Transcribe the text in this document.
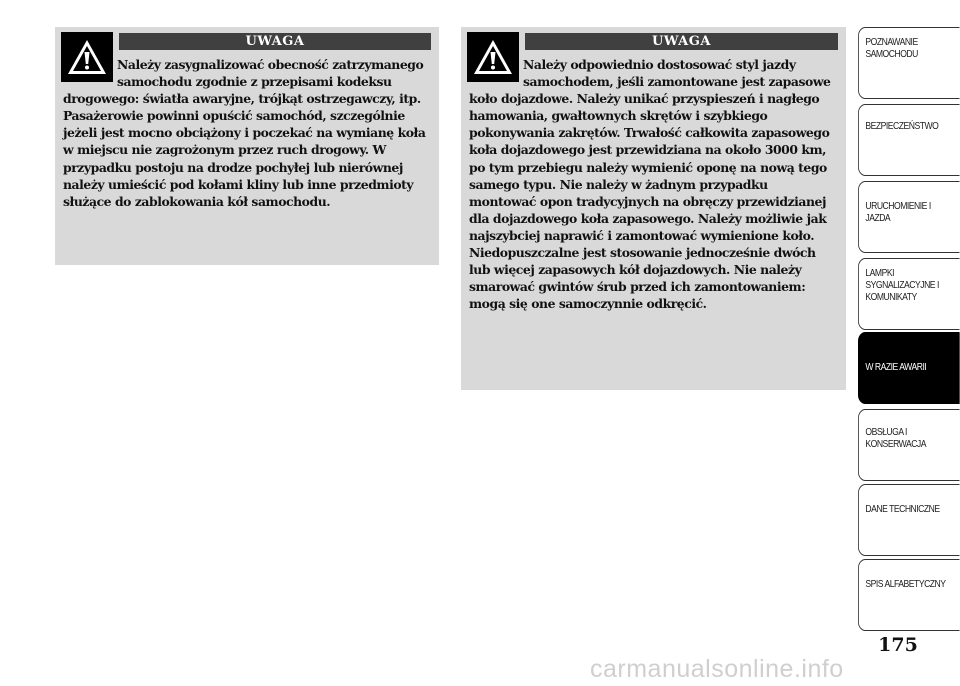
UWAGA

Należy zasygnalizować obecność zatrzymanego samochodu zgodnie z przepisami kodeksu drogowego: światła awaryjne, trójkąt ostrzegawczy, itp. Pasażerowie powinni opuścić samochód, szczególnie jeżeli jest mocno obciążony i poczekać na wymianę koła w miejscu nie zagrożonym przez ruch drogowy. W przypadku postoju na drodze pochyłej lub nierównej należy umieścić pod kołami kliny lub inne przedmioty służące do zablokowania kół samochodu.

UWAGA

Należy odpowiednio dostosować styl jazdy samochodem, jeśli zamontowane jest zapasowe koło dojazdowe. Należy unikać przyspieszeń i nagłego hamowania, gwałtownych skrętów i szybkiego pokonywania zakrętów. Trwałość całkowita zapasowego koła dojazdowego jest przewidziana na około 3000 km, po tym przebiegu należy wymienić oponę na nową tego samego typu. Nie należy w żadnym przypadku montować opon tradycyjnych na obręczy przewidzianej dla dojazdowego koła zapasowego. Należy możliwie jak najszybciej naprawić i zamontować wymienione koło. Niedopuszczalne jest stosowanie jednocześnie dwóch lub więcej zapasowych kół dojazdowych. Nie należy smarować gwintów śrub przed ich zamontowaniem: mogą się one samoczynnie odkręcić.

POZNAWANIE SAMOCHODU
BEZPIECZEŃSTWO
URUCHOMIENIE I JAZDA
LAMPKI SYGNALIZACYJNE I KOMUNIKATY
W RAZIE AWARII
OBSŁUGA I KONSERWACJA
DANE TECHNICZNE
SPIS ALFABETYCZNY
175
carmanualsonline.info
